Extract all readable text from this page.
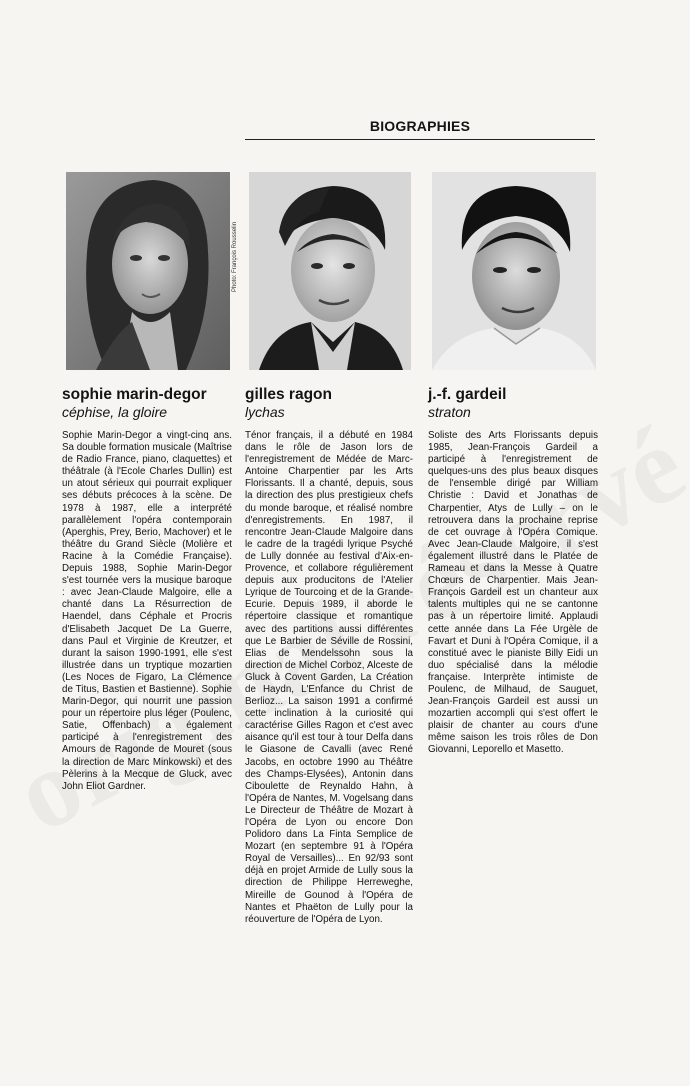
BIOGRAPHIES
Photo: François Rousselin
sophie marin-degor
céphise, la gloire

Sophie Marin-Degor a vingt-cinq ans. Sa double formation musicale (Maîtrise de Radio France, piano, claquettes) et théâtrale (à l'Ecole Charles Dullin) est un atout sérieux qui pourrait expliquer ses débuts précoces à la scène. De 1978 à 1987, elle a interprété parallèlement l'opéra contemporain (Aperghis, Prey, Berio, Machover) et le théâtre du Grand Siècle (Molière et Racine à la Comédie Française). Depuis 1988, Sophie Marin-Degor s'est tournée vers la musique baroque : avec Jean-Claude Malgoire, elle a chanté dans La Résurrection de Haendel, dans Céphale et Procris d'Elisabeth Jacquet De La Guerre, dans Paul et Virginie de Kreutzer, et durant la saison 1990-1991, elle s'est illustrée dans un tryptique mozartien (Les Noces de Figaro, La Clémence de Titus, Bastien et Bastienne). Sophie Marin-Degor, qui nourrit une passion pour un répertoire plus léger (Poulenc, Satie, Offenbach) a également participé à l'enregistrement des Amours de Ragonde de Mouret (sous la direction de Marc Minkowski) et des Pèlerins à la Mecque de Gluck, avec John Eliot Gardner.

gilles ragon
lychas

Ténor français, il a débuté en 1984 dans le rôle de Jason lors de l'enregistrement de Médée de Marc-Antoine Charpentier par les Arts Florissants. Il a chanté, depuis, sous la direction des plus prestigieux chefs du monde baroque, et réalisé nombre d'enregistrements. En 1987, il rencontre Jean-Claude Malgoire dans le cadre de la tragédi lyrique Psyché de Lully donnée au festival d'Aix-en-Provence, et collabore régulièrement depuis aux producitons de l'Atelier Lyrique de Tourcoing et de la Grande-Ecurie. Depuis 1989, il aborde le répertoire classique et romantique avec des partitions aussi différentes que Le Barbier de Séville de Rossini, Elias de Mendelssohn sous la direction de Michel Corboz, Alceste de Gluck à Covent Garden, La Création de Haydn, L'Enfance du Christ de Berlioz... La saison 1991 a confirmé cette inclination à la curiosité qui caractérise Gilles Ragon et c'est avec aisance qu'il est tour à tour Delfa dans le Giasone de Cavalli (avec René Jacobs, en octobre 1990 au Théâtre des Champs-Elysées), Antonin dans Ciboulette de Reynaldo Hahn, à l'Opéra de Nantes, M. Vogelsang dans Le Directeur de Théâtre de Mozart à l'Opéra de Lyon ou encore Don Polidoro dans La Finta Semplice de Mozart (en septembre 91 à l'Opéra Royal de Versailles)... En 92/93 sont déjà en projet Armide de Lully sous la direction de Philippe Herreweghe, Mireille de Gounod à l'Opéra de Nantes et Phaëton de Lully pour la réouverture de l'Opéra de Lyon.

j.-f. gardeil
straton

Soliste des Arts Florissants depuis 1985, Jean-François Gardeil a participé à l'enregistrement de quelques-uns des plus beaux disques de l'ensemble dirigé par William Christie : David et Jonathas de Charpentier, Atys de Lully – on le retrouvera dans la prochaine reprise de cet ouvrage à l'Opéra Comique. Avec Jean-Claude Malgoire, il s'est également illustré dans le Platée de Rameau et dans la Messe à Quatre Chœurs de Charpentier. Mais Jean-François Gardeil est un chanteur aux talents multiples qui ne se cantonne pas à un répertoire limité. Applaudi cette année dans La Fée Urgèle de Favart et Duni à l'Opéra Comique, il a constitué avec le pianiste Billy Eidi un duo spécialisé dans la mélodie française. Interprète intimiste de Poulenc, de Milhaud, de Sauguet, Jean-François Gardeil est aussi un mozartien accompli qui s'est offert le plaisir de chanter au cours d'une même saison les trois rôles de Don Giovanni, Leporello et Masetto.
